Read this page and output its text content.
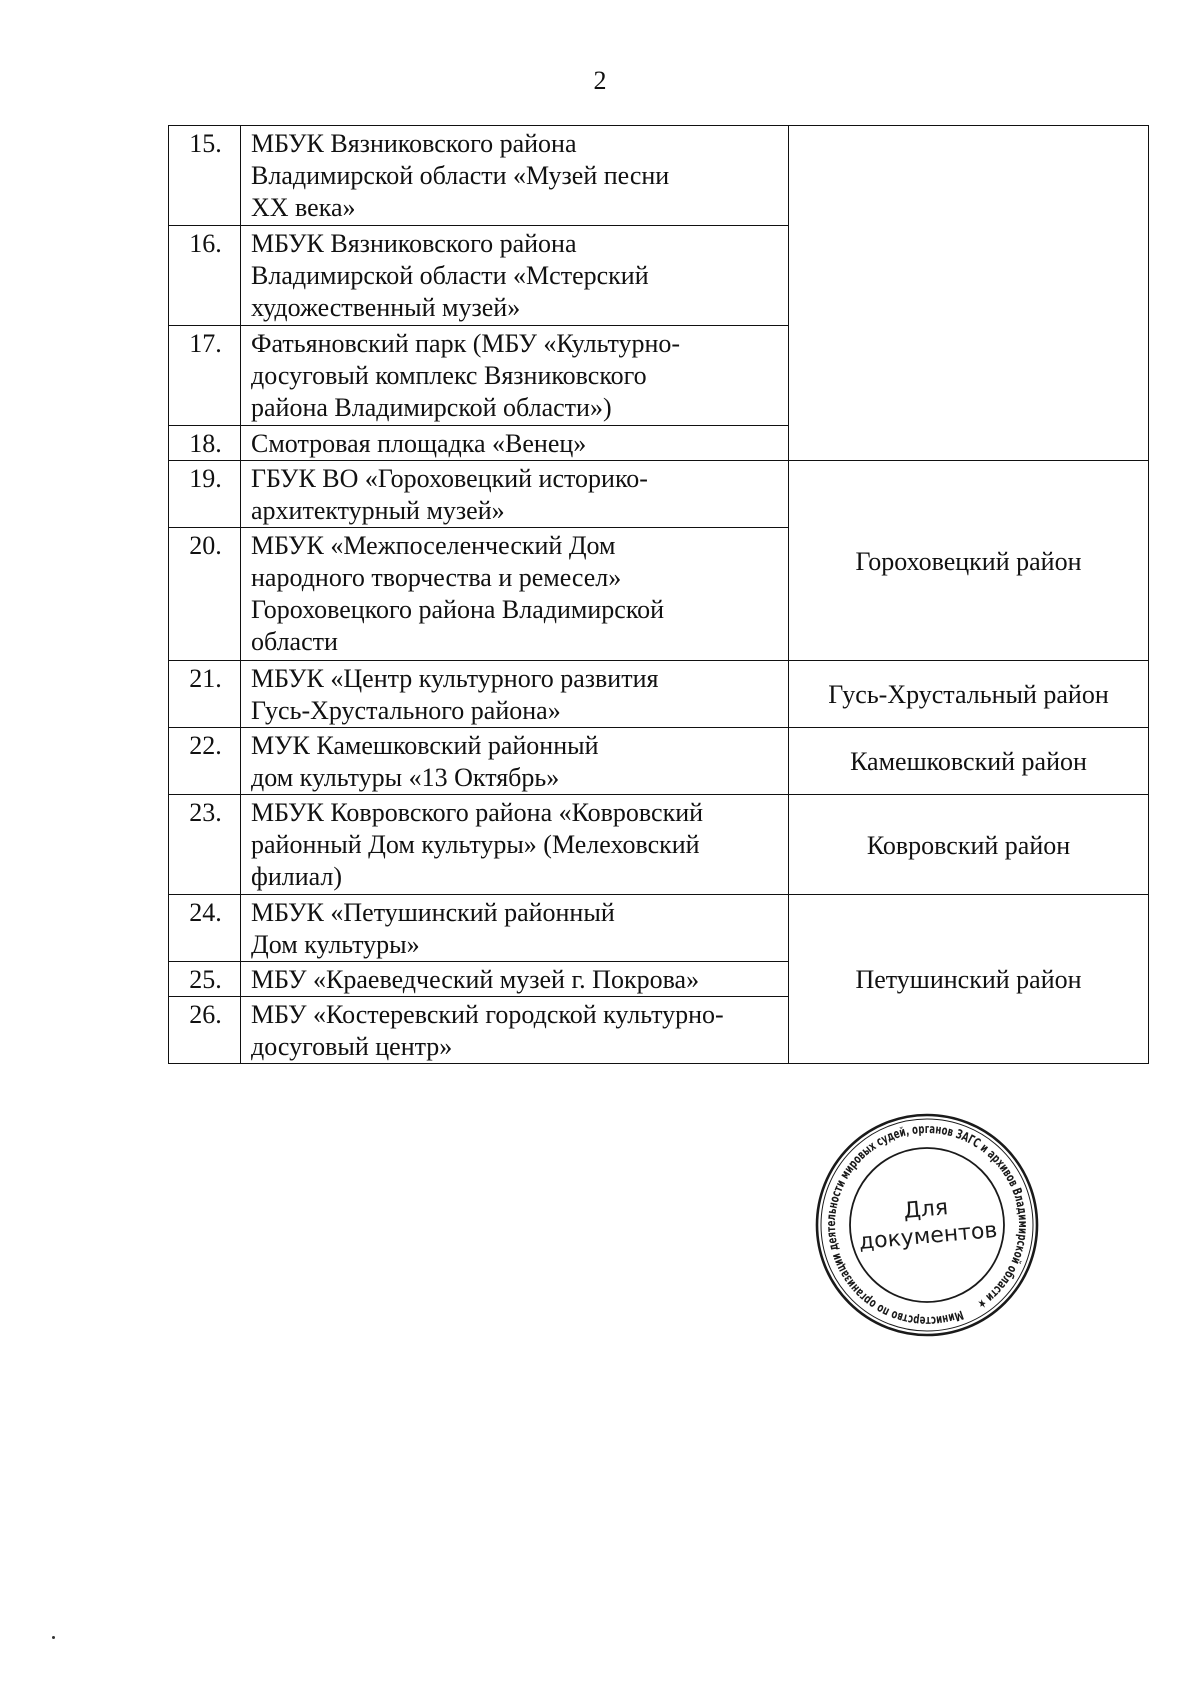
2
15.	МБУК Вязниковского района
Владимирской области «Музей песни
ХХ века»	
16.	МБУК Вязниковского района
Владимирской области «Мстерский
художественный музей»	
17.	Фатьяновский парк (МБУ «Культурно-
досуговый комплекс Вязниковского
района Владимирской области»)	
18.	Смотровая площадка «Венец»	
19.	ГБУК ВО «Гороховецкий историко-
архитектурный музей»	Гороховецкий район
20.	МБУК «Межпоселенческий Дом
народного творчества и ремесел»
Гороховецкого района Владимирской
области	
21.	МБУК «Центр культурного развития
Гусь-Хрустального района»	Гусь-Хрустальный район
22.	МУК Камешковский районный
дом культуры «13 Октябрь»	Камешковский район
23.	МБУК Ковровского района «Ковровский
районный Дом культуры» (Мелеховский
филиал)	Ковровский район
24.	МБУК «Петушинский районный
Дом культуры»	Петушинский район
25.	МБУ «Краеведческий музей г. Покрова»	
26.	МБУ «Костеревский городской культурно-
досуговый центр»	
Министерство по организации деятельности мировых судей, органов ЗАГС и архивов Владимирской области ★
Для
документов
